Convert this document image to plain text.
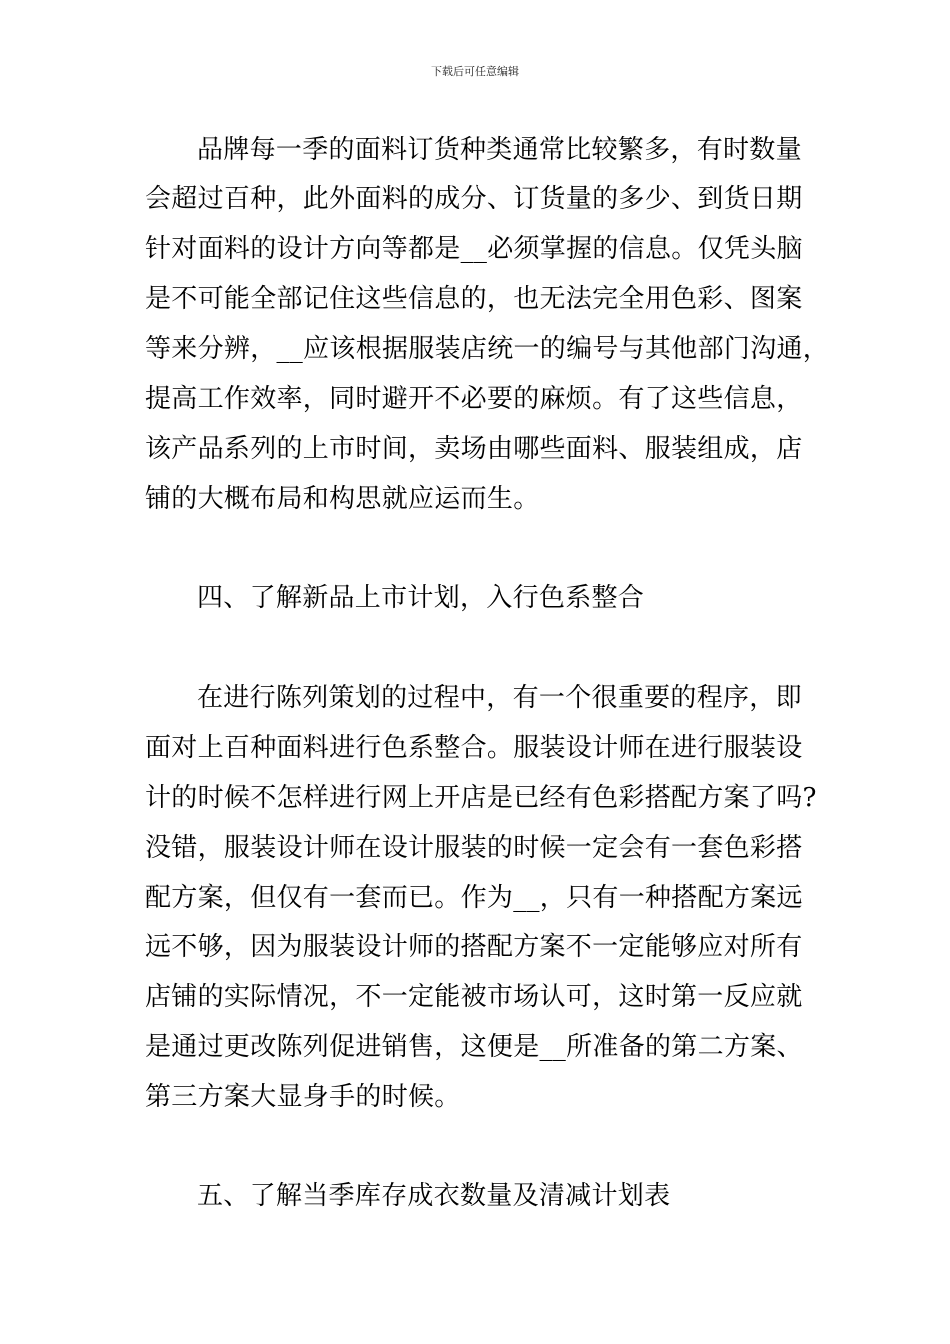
下载后可任意编辑
品牌每一季的面料订货种类通常比较繁多，有时数量
会超过百种，此外面料的成分、订货量的多少、到货日期
针对面料的设计方向等都是__必须掌握的信息。仅凭头脑
是不可能全部记住这些信息的，也无法完全用色彩、图案
等来分辨，__应该根据服装店统一的编号与其他部门沟通，
提高工作效率，同时避开不必要的麻烦。有了这些信息，
该产品系列的上市时间，卖场由哪些面料、服装组成，店
铺的大概布局和构思就应运而生。
四、了解新品上市计划，入行色系整合
在进行陈列策划的过程中，有一个很重要的程序，即
面对上百种面料进行色系整合。服装设计师在进行服装设
计的时候不怎样进行网上开店是已经有色彩搭配方案了吗?
没错，服装设计师在设计服装的时候一定会有一套色彩搭
配方案，但仅有一套而已。作为__，只有一种搭配方案远
远不够，因为服装设计师的搭配方案不一定能够应对所有
店铺的实际情况，不一定能被市场认可，这时第一反应就
是通过更改陈列促进销售，这便是__所准备的第二方案、
第三方案大显身手的时候。
五、了解当季库存成衣数量及清减计划表
